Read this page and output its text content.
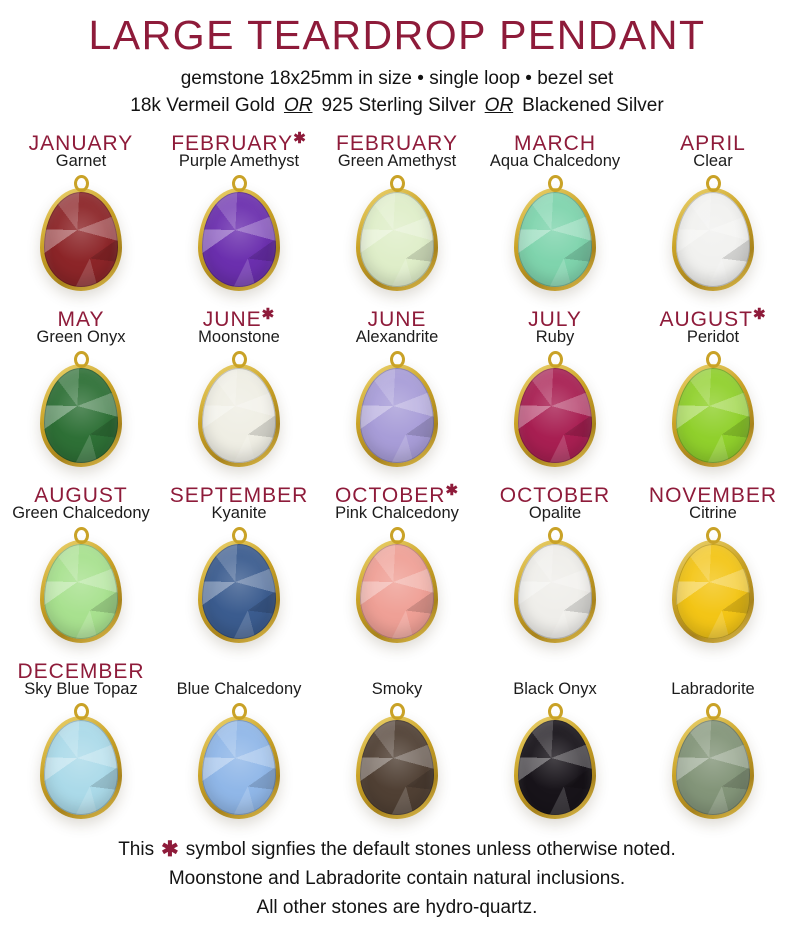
LARGE TEARDROP PENDANT
gemstone 18x25mm in size • single loop • bezel set
18k Vermeil Gold OR 925 Sterling Silver OR Blackened Silver
JANUARY
Garnet
FEBRUARY✱
Purple Amethyst
FEBRUARY
Green Amethyst
MARCH
Aqua Chalcedony
APRIL
Clear
MAY
Green Onyx
JUNE✱
Moonstone
JUNE
Alexandrite
JULY
Ruby
AUGUST✱
Peridot
AUGUST
Green Chalcedony
SEPTEMBER
Kyanite
OCTOBER✱
Pink Chalcedony
OCTOBER
Opalite
NOVEMBER
Citrine
DECEMBER
Sky Blue Topaz Blue Chalcedony	Smoky	Black Onyx	Labradorite
This ✱ symbol signfies the default stones unless otherwise noted.
Moonstone and Labradorite contain natural inclusions.
All other stones are hydro-quartz.
